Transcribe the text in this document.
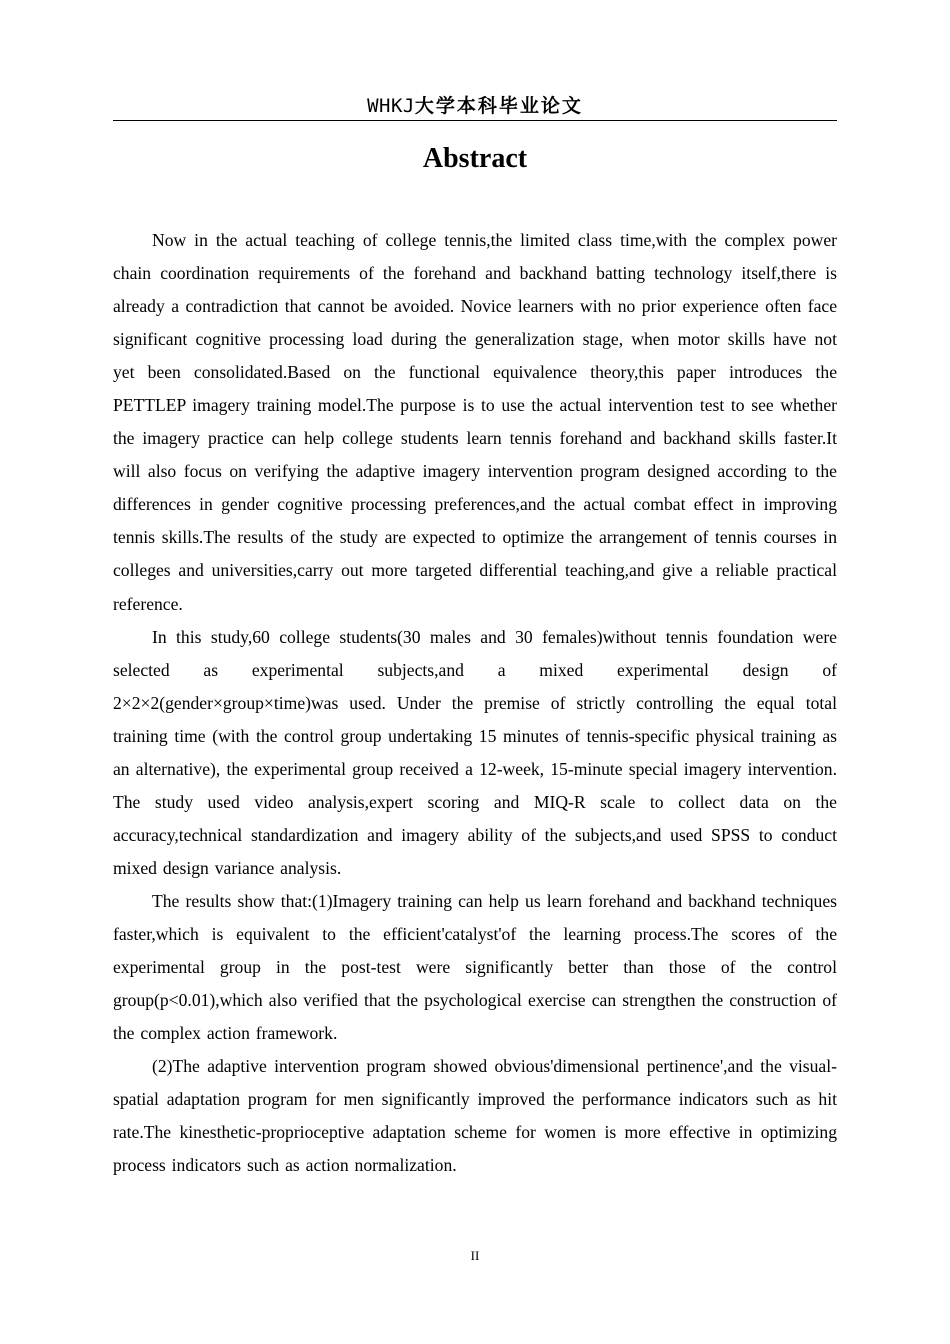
WHKJ大学本科毕业论文
Abstract

Now in the actual teaching of college tennis,the limited class time,with the complex power chain coordination requirements of the forehand and backhand batting technology itself,there is already a contradiction that cannot be avoided. Novice learners with no prior experience often face significant cognitive processing load during the generalization stage, when motor skills have not yet been consolidated.Based on the functional equivalence theory,this paper introduces the PETTLEP imagery training model.The purpose is to use the actual intervention test to see whether the imagery practice can help college students learn tennis forehand and backhand skills faster.It will also focus on verifying the adaptive imagery intervention program designed according to the differences in gender cognitive processing preferences,and the actual combat effect in improving tennis skills.The results of the study are expected to optimize the arrangement of tennis courses in colleges and universities,carry out more targeted differential teaching,and give a reliable practical reference.

In this study,60 college students(30 males and 30 females)without tennis foundation were selected as experimental subjects,and a mixed experimental design of 2×2×2(gender×group×time)was used. Under the premise of strictly controlling the equal total training time (with the control group undertaking 15 minutes of tennis-specific physical training as an alternative), the experimental group received a 12-week, 15-minute special imagery intervention. The study used video analysis,expert scoring and MIQ-R scale to collect data on the accuracy,technical standardization and imagery ability of the subjects,and used SPSS to conduct mixed design variance analysis.

The results show that:(1)Imagery training can help us learn forehand and backhand techniques faster,which is equivalent to the efficient'catalyst'of the learning process.The scores of the experimental group in the post-test were significantly better than those of the control group(p<0.01),which also verified that the psychological exercise can strengthen the construction of the complex action framework.

(2)The adaptive intervention program showed obvious'dimensional pertinence',and the visual-spatial adaptation program for men significantly improved the performance indicators such as hit rate.The kinesthetic-proprioceptive adaptation scheme for women is more effective in optimizing process indicators such as action normalization.

II
